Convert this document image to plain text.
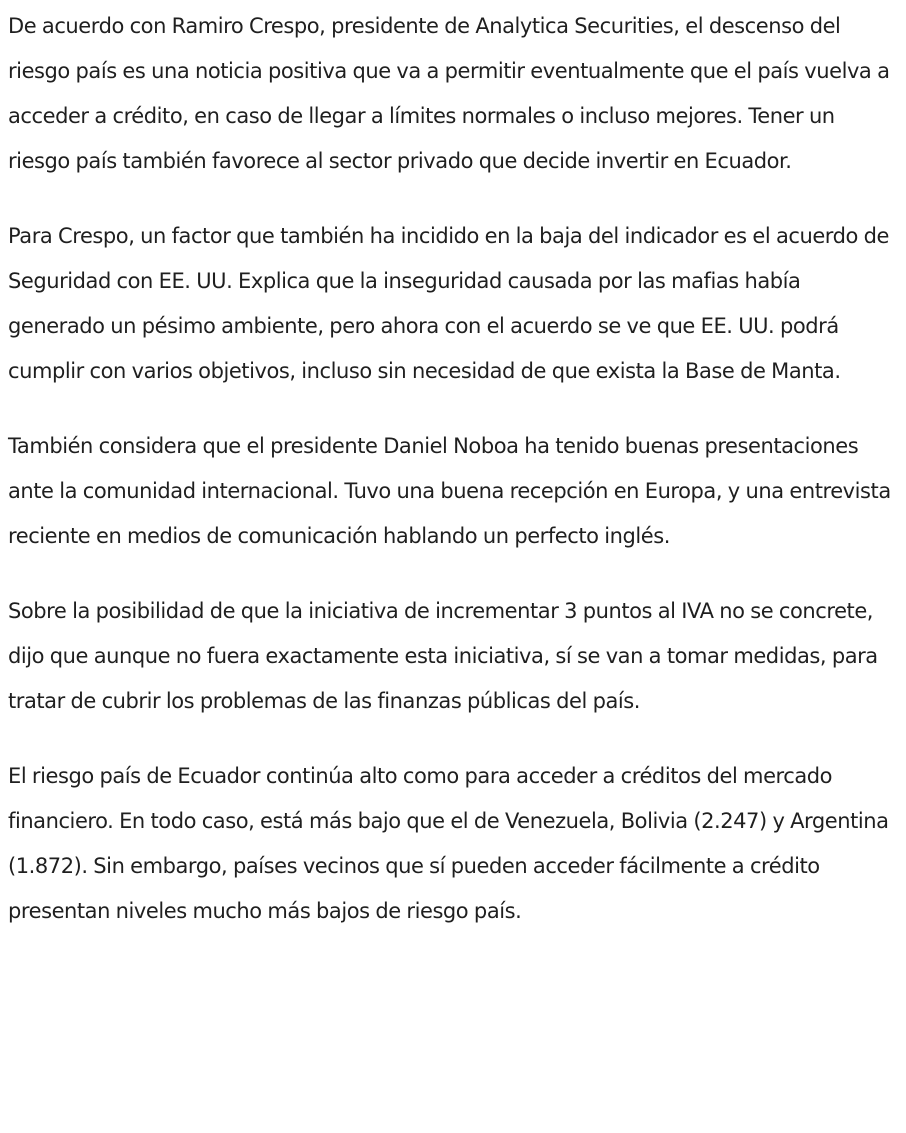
De acuerdo con Ramiro Crespo, presidente de Analytica Securities, el descenso del riesgo país es una noticia positiva que va a permitir eventualmente que el país vuelva a acceder a crédito, en caso de llegar a límites normales o incluso mejores. Tener un riesgo país también favorece al sector privado que decide invertir en Ecuador.

Para Crespo, un factor que también ha incidido en la baja del indicador es el acuerdo de Seguridad con EE. UU. Explica que la inseguridad causada por las mafias había generado un pésimo ambiente, pero ahora con el acuerdo se ve que EE. UU. podrá cumplir con varios objetivos, incluso sin necesidad de que exista la Base de Manta.

También considera que el presidente Daniel Noboa ha tenido buenas presentaciones ante la comunidad internacional. Tuvo una buena recepción en Europa, y una entrevista reciente en medios de comunicación hablando un perfecto inglés.

Sobre la posibilidad de que la iniciativa de incrementar 3 puntos al IVA no se concrete, dijo que aunque no fuera exactamente esta iniciativa, sí se van a tomar medidas, para tratar de cubrir los problemas de las finanzas públicas del país.

El riesgo país de Ecuador continúa alto como para acceder a créditos del mercado financiero. En todo caso, está más bajo que el de Venezuela, Bolivia (2.247) y Argentina (1.872). Sin embargo, países vecinos que sí pueden acceder fácilmente a crédito presentan niveles mucho más bajos de riesgo país.
